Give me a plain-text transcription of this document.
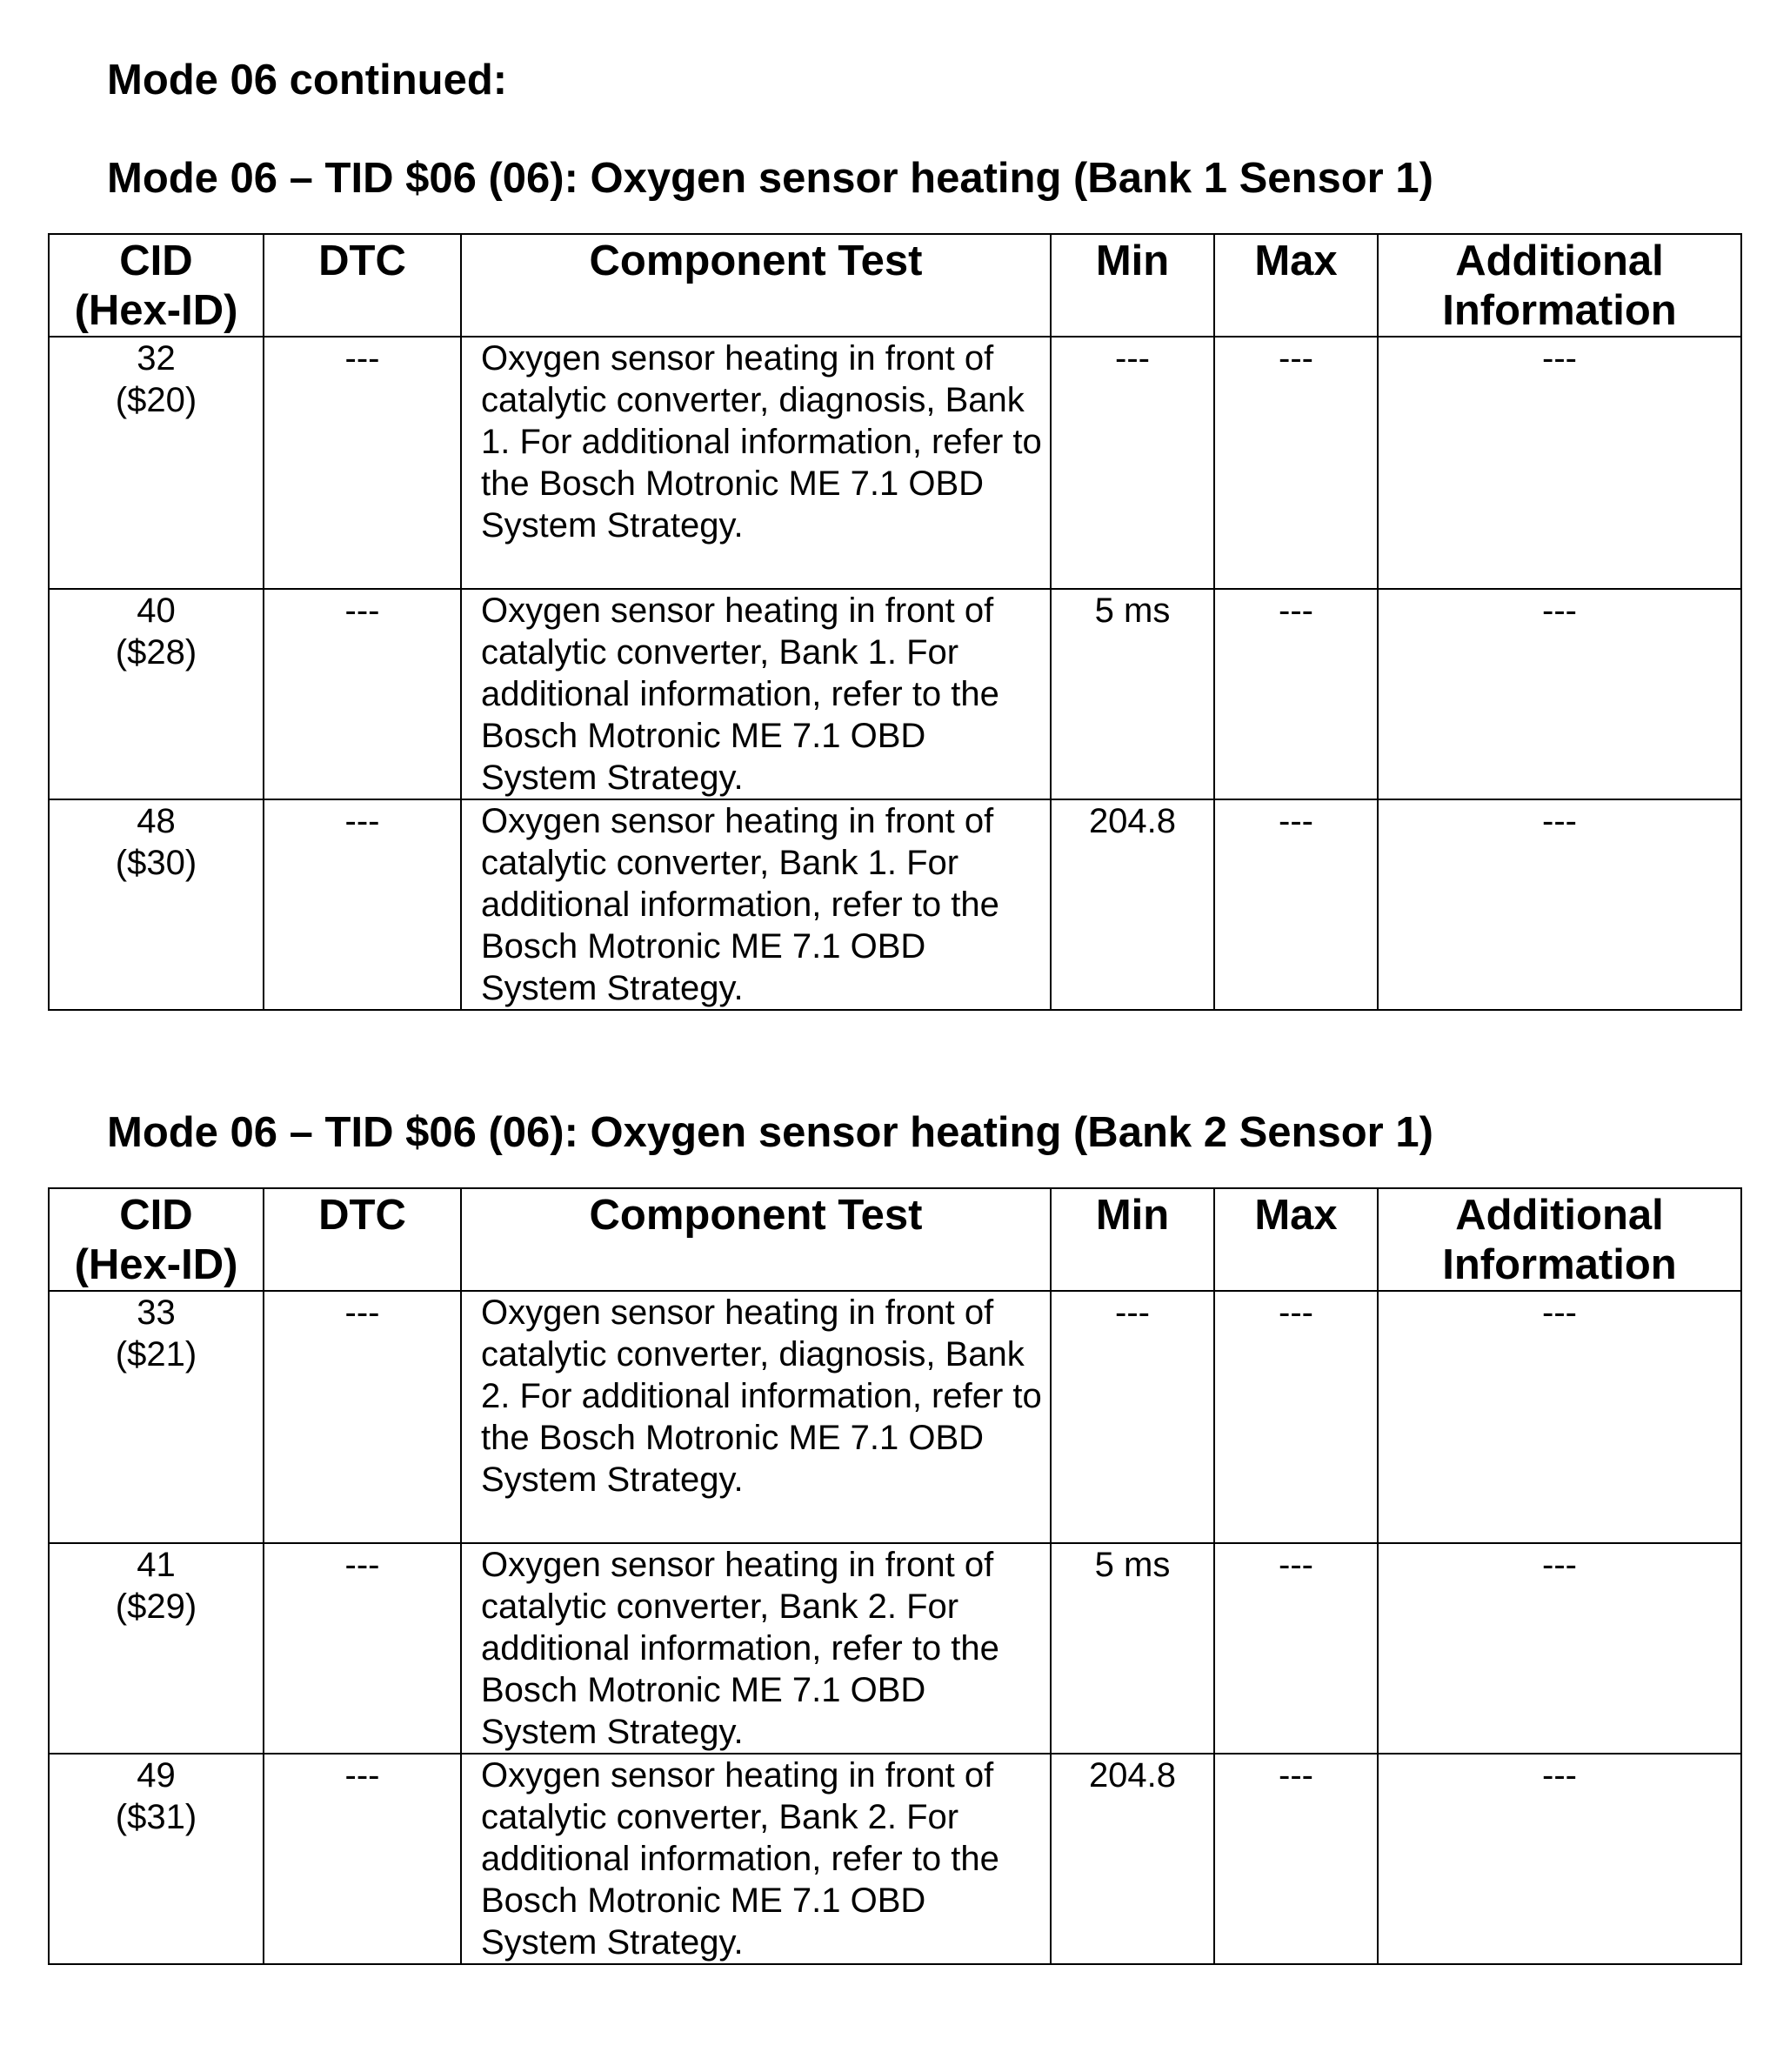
Mode 06 continued:
Mode 06 – TID $06 (06): Oxygen sensor heating (Bank 1 Sensor 1)
CID
(Hex-ID)	DTC	Component Test	Min	Max	Additional
Information

32
($20)	---	Oxygen sensor heating in front of catalytic converter, diagnosis, Bank 1. For additional information, refer to the Bosch Motronic ME 7.1 OBD System Strategy.	---	---	---

40
($28)	---	Oxygen sensor heating in front of catalytic converter, Bank 1. For additional information, refer to the Bosch Motronic ME 7.1 OBD System Strategy.	5 ms	---	---

48
($30)	---	Oxygen sensor heating in front of catalytic converter, Bank 1. For additional information, refer to the Bosch Motronic ME 7.1 OBD System Strategy.	204.8	---	---
Mode 06 – TID $06 (06): Oxygen sensor heating (Bank 2 Sensor 1)
CID
(Hex-ID)	DTC	Component Test	Min	Max	Additional
Information

33
($21)	---	Oxygen sensor heating in front of catalytic converter, diagnosis, Bank 2. For additional information, refer to the Bosch Motronic ME 7.1 OBD System Strategy.	---	---	---

41
($29)	---	Oxygen sensor heating in front of catalytic converter, Bank 2. For additional information, refer to the Bosch Motronic ME 7.1 OBD System Strategy.	5 ms	---	---

49
($31)	---	Oxygen sensor heating in front of catalytic converter, Bank 2. For additional information, refer to the Bosch Motronic ME 7.1 OBD System Strategy.	204.8	---	---
